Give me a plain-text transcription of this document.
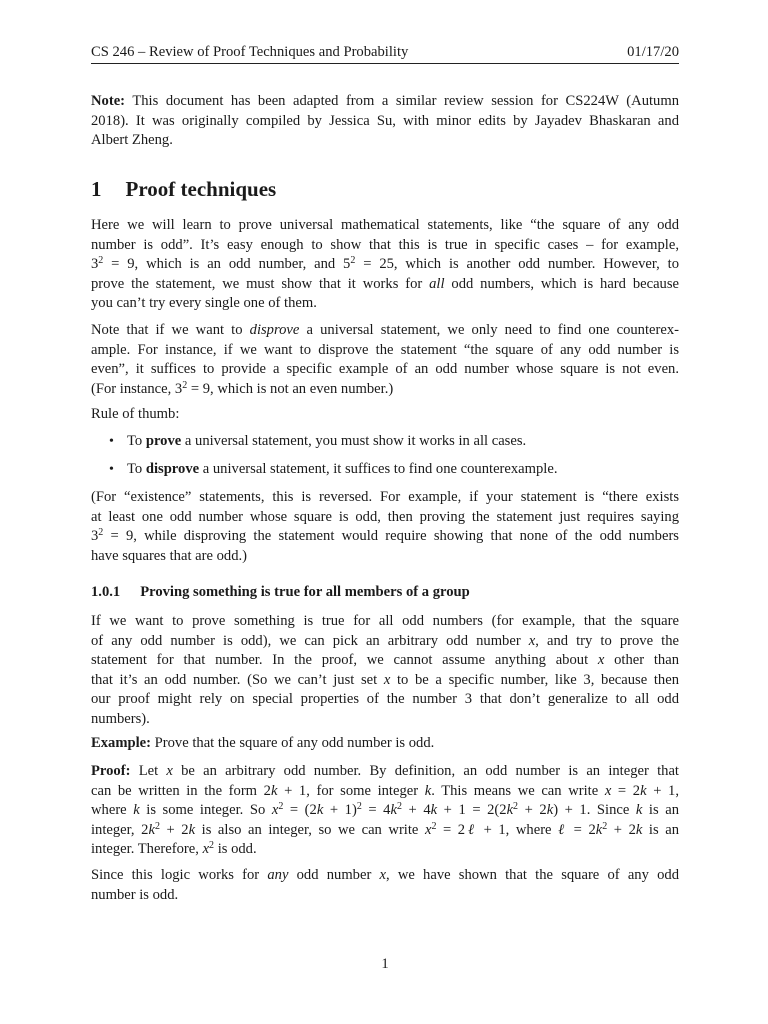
CS 246 – Review of Proof Techniques and Probability	01/17/20
Note: This document has been adapted from a similar review session for CS224W (Autumn
2018). It was originally compiled by Jessica Su, with minor edits by Jayadev Bhaskaran and
Albert Zheng.
1 Proof techniques
Here we will learn to prove universal mathematical statements, like “the square of any odd
number is odd”. It’s easy enough to show that this is true in specific cases – for example,
$3^2 = 9$, which is an odd number, and $5^2 = 25$, which is another odd number. However, to
prove the statement, we must show that it works for all odd numbers, which is hard because
you can’t try every single one of them.
Note that if we want to disprove a universal statement, we only need to find one counterex-
ample. For instance, if we want to disprove the statement “the square of any odd number is
even”, it suffices to provide a specific example of an odd number whose square is not even.
(For instance, $3^2 = 9$, which is not an even number.)
Rule of thumb:
• To prove a universal statement, you must show it works in all cases.
• To disprove a universal statement, it suffices to find one counterexample.
(For “existence” statements, this is reversed. For example, if your statement is “there exists
at least one odd number whose square is odd, then proving the statement just requires saying
$3^2 = 9$, while disproving the statement would require showing that none of the odd numbers
have squares that are odd.)
1.0.1 Proving something is true for all members of a group
If we want to prove something is true for all odd numbers (for example, that the square
of any odd number is odd), we can pick an arbitrary odd number x, and try to prove the
statement for that number. In the proof, we cannot assume anything about x other than
that it’s an odd number. (So we can’t just set x to be a specific number, like 3, because then
our proof might rely on special properties of the number 3 that don’t generalize to all odd
numbers).
Example: Prove that the square of any odd number is odd.
Proof: Let x be an arbitrary odd number. By definition, an odd number is an integer that
can be written in the form 2k + 1, for some integer k. This means we can write x = 2k + 1,
where k is some integer. So $x^2 = (2k + 1)^2 = 4k^2 + 4k + 1 = 2(2k^2 + 2k) + 1$. Since k is an
integer, $2k^2 + 2k$ is also an integer, so we can write $x^2$ = 2ℓ + 1, where ℓ = $2k^2 + 2k$ is an
integer. Therefore, $x^2$ is odd.
Since this logic works for any odd number x, we have shown that the square of any odd
number is odd.
1
